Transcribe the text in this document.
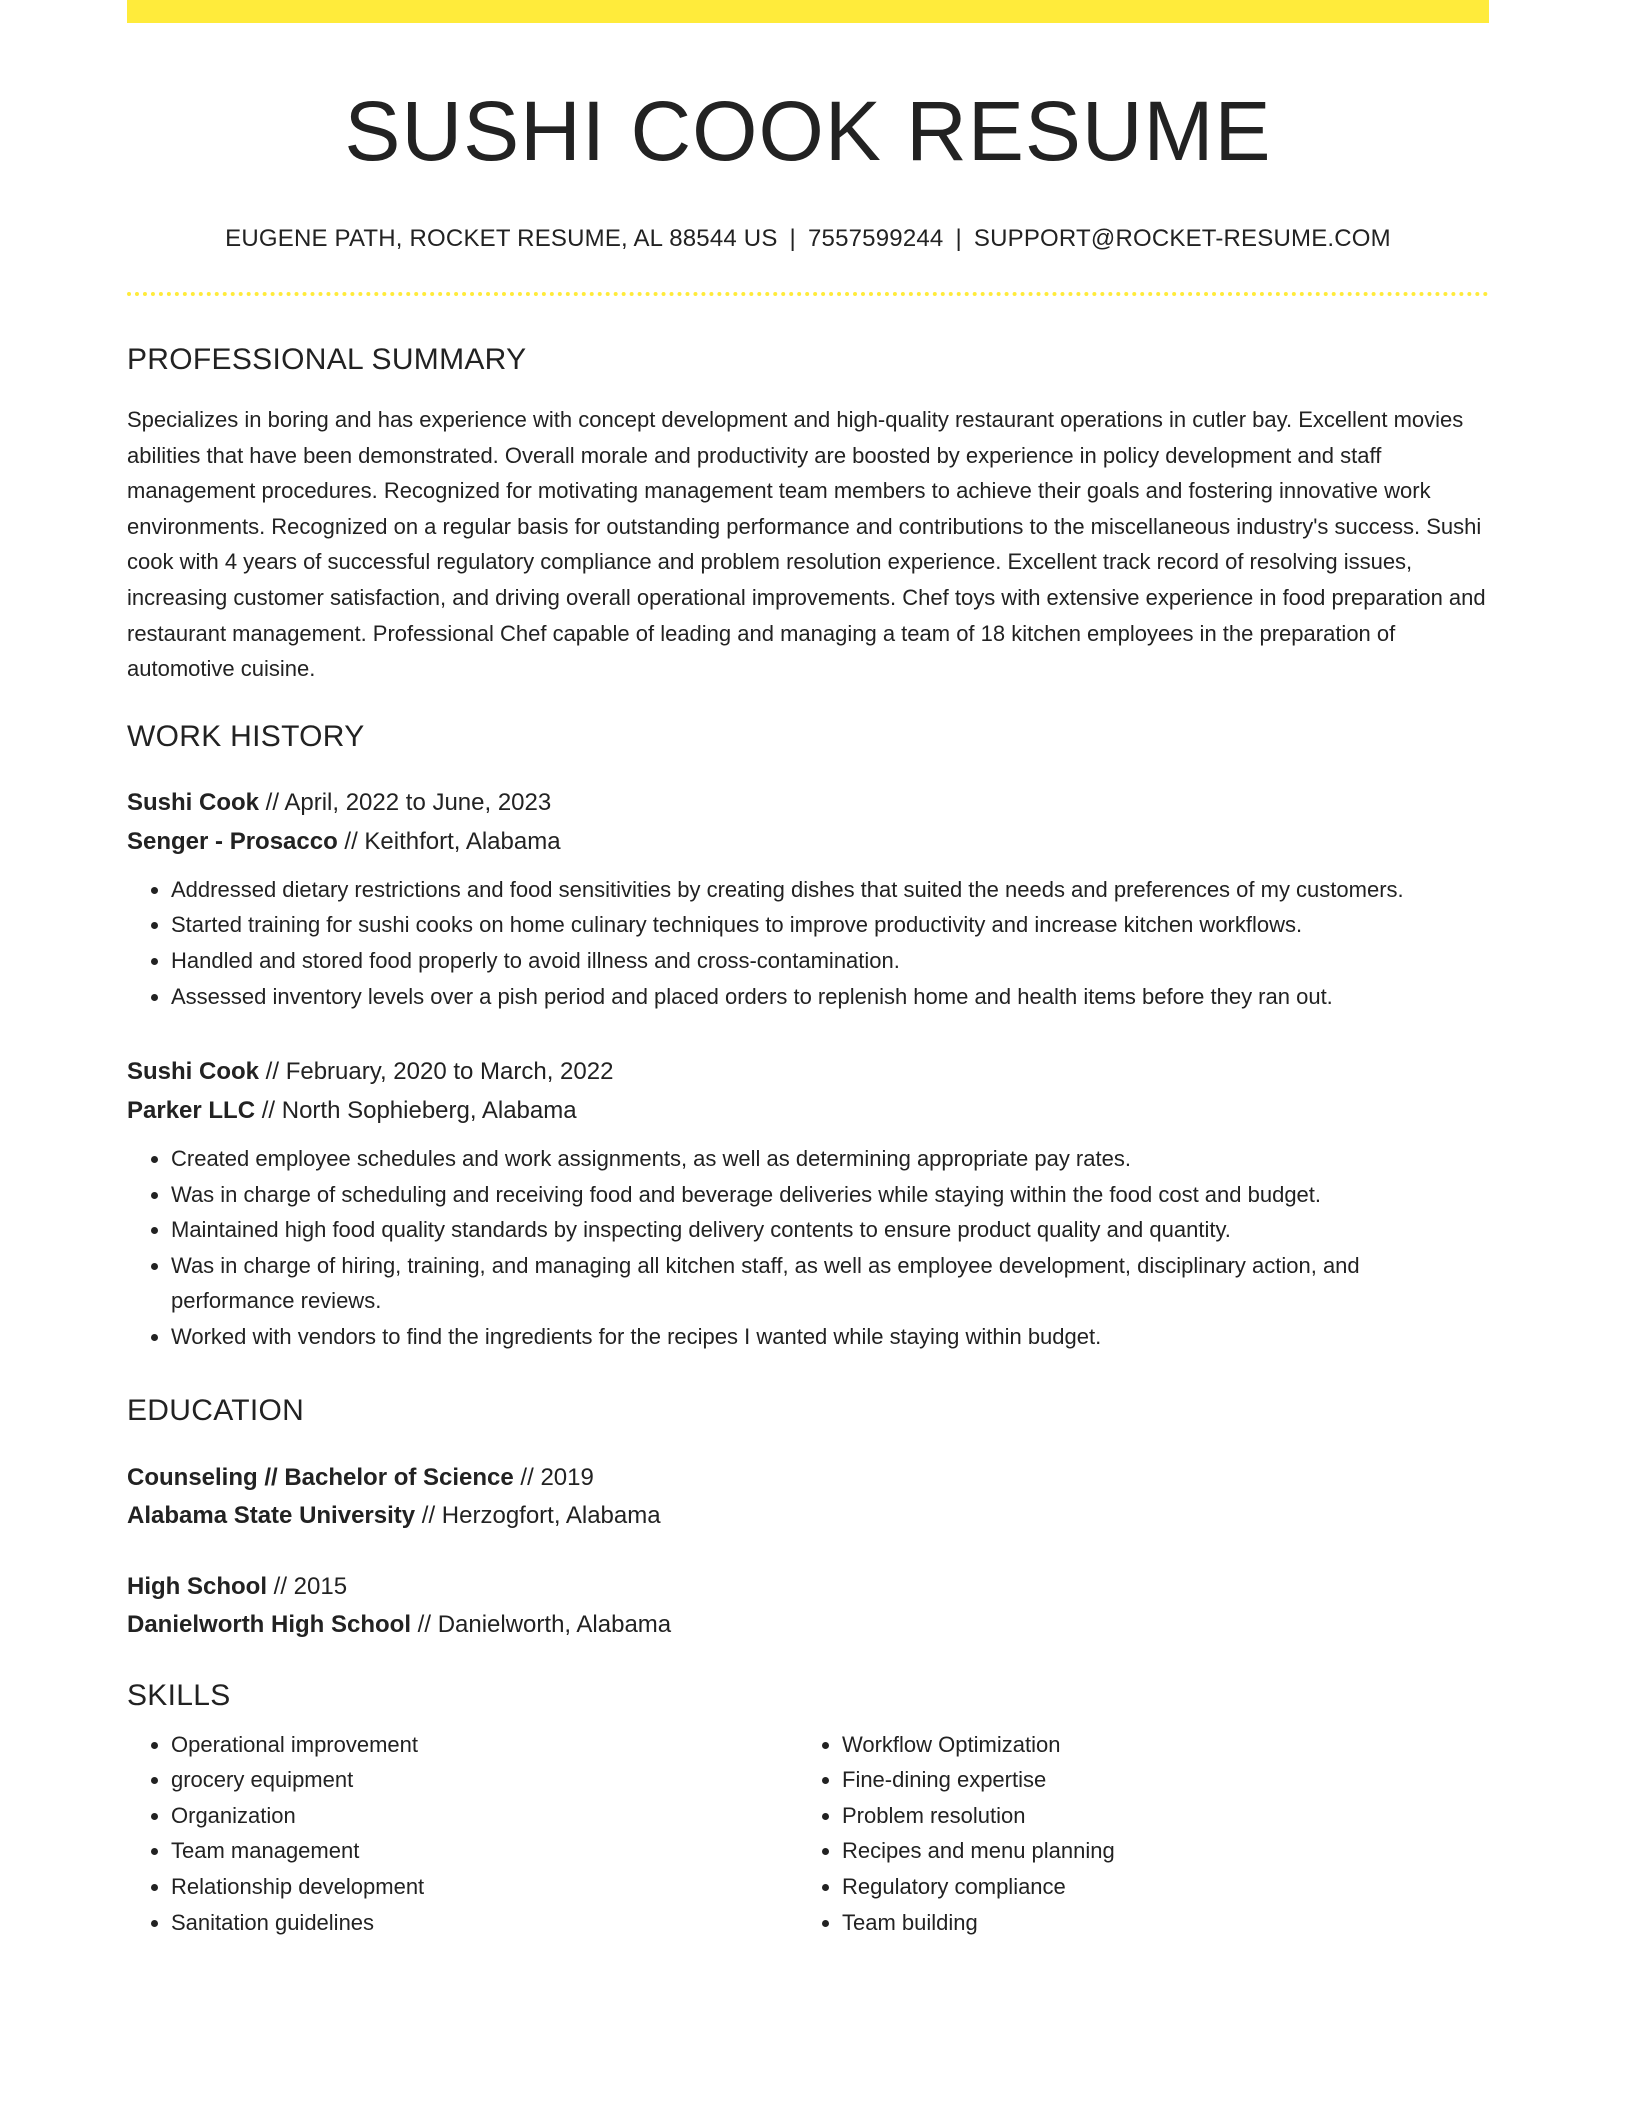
SUSHI COOK RESUME
EUGENE PATH, ROCKET RESUME, AL 88544 US | 7557599244 | SUPPORT@ROCKET-RESUME.COM
PROFESSIONAL SUMMARY
Specializes in boring and has experience with concept development and high-quality restaurant operations in cutler bay. Excellent movies abilities that have been demonstrated. Overall morale and productivity are boosted by experience in policy development and staff management procedures. Recognized for motivating management team members to achieve their goals and fostering innovative work environments. Recognized on a regular basis for outstanding performance and contributions to the miscellaneous industry's success. Sushi cook with 4 years of successful regulatory compliance and problem resolution experience. Excellent track record of resolving issues, increasing customer satisfaction, and driving overall operational improvements. Chef toys with extensive experience in food preparation and restaurant management. Professional Chef capable of leading and managing a team of 18 kitchen employees in the preparation of automotive cuisine.
WORK HISTORY
Sushi Cook // April, 2022 to June, 2023
Senger - Prosacco // Keithfort, Alabama
• Addressed dietary restrictions and food sensitivities by creating dishes that suited the needs and preferences of my customers.
• Started training for sushi cooks on home culinary techniques to improve productivity and increase kitchen workflows.
• Handled and stored food properly to avoid illness and cross-contamination.
• Assessed inventory levels over a pish period and placed orders to replenish home and health items before they ran out.
Sushi Cook // February, 2020 to March, 2022
Parker LLC // North Sophieberg, Alabama
• Created employee schedules and work assignments, as well as determining appropriate pay rates.
• Was in charge of scheduling and receiving food and beverage deliveries while staying within the food cost and budget.
• Maintained high food quality standards by inspecting delivery contents to ensure product quality and quantity.
• Was in charge of hiring, training, and managing all kitchen staff, as well as employee development, disciplinary action, and performance reviews.
• Worked with vendors to find the ingredients for the recipes I wanted while staying within budget.
EDUCATION
Counseling // Bachelor of Science // 2019
Alabama State University // Herzogfort, Alabama
High School // 2015
Danielworth High School // Danielworth, Alabama
SKILLS
• Operational improvement
• grocery equipment
• Organization
• Team management
• Relationship development
• Sanitation guidelines
• Workflow Optimization
• Fine-dining expertise
• Problem resolution
• Recipes and menu planning
• Regulatory compliance
• Team building
